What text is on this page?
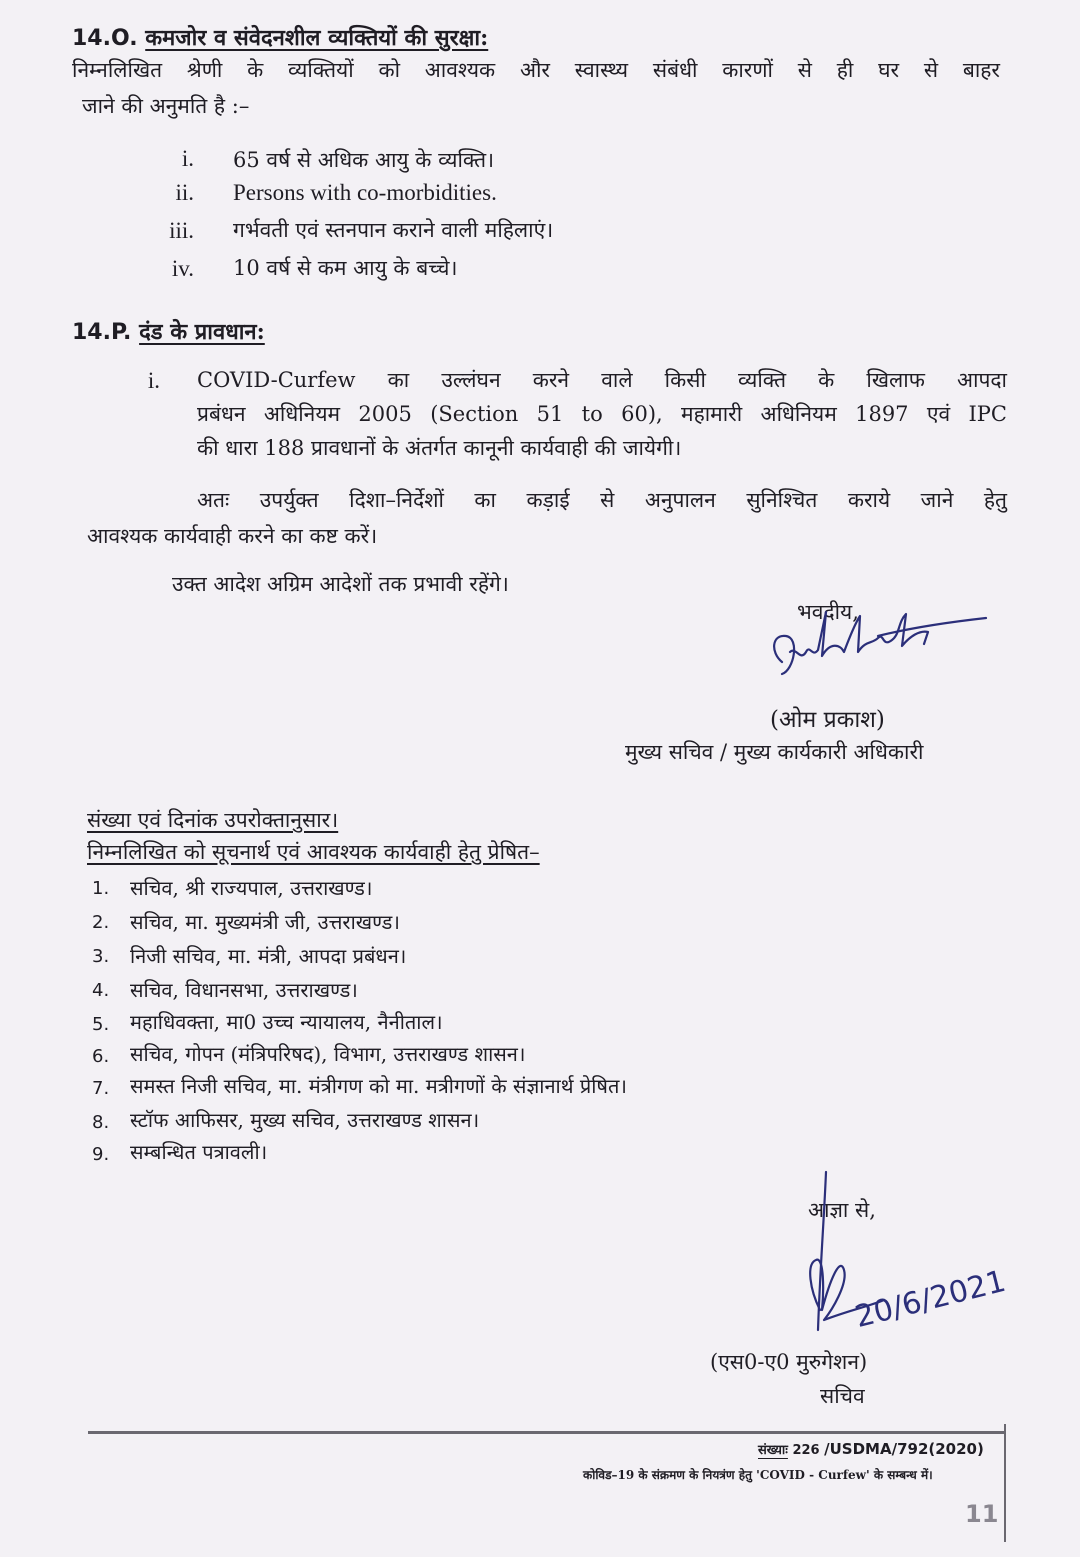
14.O. कमजोर व संवेदनशील व्यक्तियों की सुरक्षा:
निम्नलिखित श्रेणी के व्यक्तियों को आवश्यक और स्वास्थ्य संबंधी कारणों से ही घर से बाहर
जाने की अनुमति है :–
i. 65 वर्ष से अधिक आयु के व्यक्ति।
ii. Persons with co-morbidities.
iii. गर्भवती एवं स्तनपान कराने वाली महिलाएं।
iv. 10 वर्ष से कम आयु के बच्चे।
14.P. दंड के प्रावधान:
i. COVID-Curfew का उल्लंघन करने वाले किसी व्यक्ति के खिलाफ आपदा
प्रबंधन अधिनियम 2005 (Section 51 to 60), महामारी अधिनियम 1897 एवं IPC
की धारा 188 प्रावधानों के अंतर्गत कानूनी कार्यवाही की जायेगी।
अतः उपर्युक्त दिशा–निर्देशों का कड़ाई से अनुपालन सुनिश्चित कराये जाने हेतु
आवश्यक कार्यवाही करने का कष्ट करें।
उक्त आदेश अग्रिम आदेशों तक प्रभावी रहेंगे।
भवदीय,
(ओम प्रकाश)
मुख्य सचिव / मुख्य कार्यकारी अधिकारी
संख्या एवं दिनांक उपरोक्तानुसार।
निम्नलिखित को सूचनार्थ एवं आवश्यक कार्यवाही हेतु प्रेषित–
1. सचिव, श्री राज्यपाल, उत्तराखण्ड।
2. सचिव, मा. मुख्यमंत्री जी, उत्तराखण्ड।
3. निजी सचिव, मा. मंत्री, आपदा प्रबंधन।
4. सचिव, विधानसभा, उत्तराखण्ड।
5. महाधिवक्ता, मा0 उच्च न्यायालय, नैनीताल।
6. सचिव, गोपन (मंत्रिपरिषद), विभाग, उत्तराखण्ड शासन।
7. समस्त निजी सचिव, मा. मंत्रीगण को मा. मत्रीगणों के संज्ञानार्थ प्रेषित।
8. स्टॉफ आफिसर, मुख्य सचिव, उत्तराखण्ड शासन।
9. सम्बन्धित पत्रावली।
आज्ञा से,
20/6/2021
(एस0-ए0 मुरुगेशन)
सचिव
संख्याः 226 /USDMA/792(2020)
कोविड–19 के संक्रमण के नियत्रंण हेतु 'COVID - Curfew' के सम्बन्ध में।
11
